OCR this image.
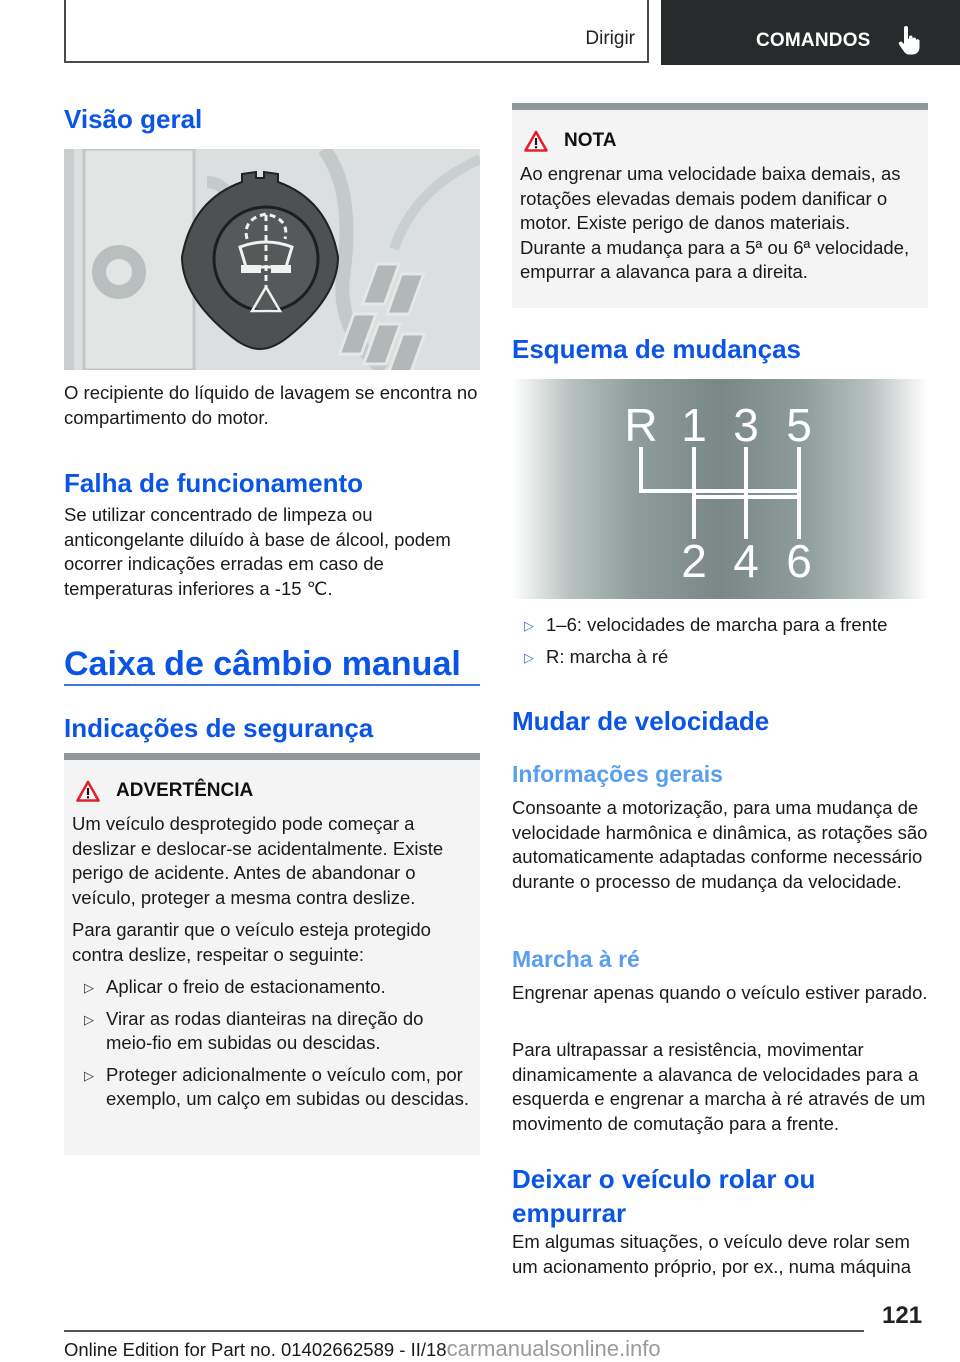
Dirigir	COMANDOS
Visão geral

O recipiente do líquido de lavagem se encontra no compartimento do motor.

Falha de funcionamento

Se utilizar concentrado de limpeza ou anticongelante diluído à base de álcool, podem ocorrer indicações erradas em caso de temperaturas inferiores a -15 ℃.

Caixa de câmbio manual
Indicações de segurança
ADVERTÊNCIA

Um veículo desprotegido pode começar a deslizar e deslocar-se acidentalmente. Existe perigo de acidente. Antes de abandonar o veículo, proteger a mesma contra deslize.

Para garantir que o veículo esteja protegido contra deslize, respeitar o seguinte:

▷ Aplicar o freio de estacionamento.
▷ Virar as rodas dianteiras na direção do meio-fio em subidas ou descidas.
▷ Proteger adicionalmente o veículo com, por exemplo, um calço em subidas ou descidas.
NOTA

Ao engrenar uma velocidade baixa demais, as rotações elevadas demais podem danificar o motor. Existe perigo de danos materiais. Durante a mudança para a 5ª ou 6ª velocidade, empurrar a alavanca para a direita.

Esquema de mudanças
R 1 3 5
2 4 6
▷ 1–6: velocidades de marcha para a frente
▷ R: marcha à ré
Mudar de velocidade
Informações gerais

Consoante a motorização, para uma mudança de velocidade harmônica e dinâmica, as rotações são automaticamente adaptadas conforme necessário durante o processo de mudança da velocidade.

Marcha à ré

Engrenar apenas quando o veículo estiver parado.

Para ultrapassar a resistência, movimentar dinamicamente a alavanca de velocidades para a esquerda e engrenar a marcha à ré através de um movimento de comutação para a frente.

Deixar o veículo rolar ou empurrar

Em algumas situações, o veículo deve rolar sem um acionamento próprio, por ex., numa máquina

121
Online Edition for Part no. 01402662589 - II/18carmanualsonline.info
